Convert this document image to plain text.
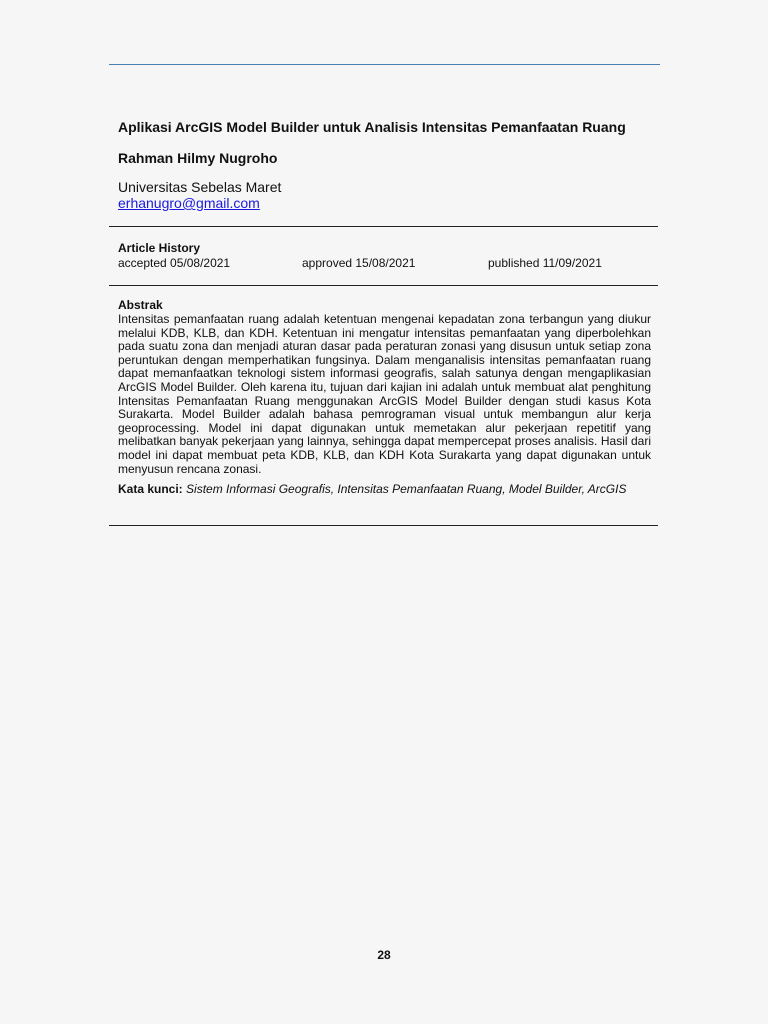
Aplikasi ArcGIS Model Builder untuk Analisis Intensitas Pemanfaatan Ruang
Rahman Hilmy Nugroho
Universitas Sebelas Maret
erhanugro@gmail.com
Article History
accepted 05/08/2021	approved 15/08/2021	published 11/09/2021
Abstrak
Intensitas pemanfaatan ruang adalah ketentuan mengenai kepadatan zona terbangun yang diukur melalui KDB, KLB, dan KDH. Ketentuan ini mengatur intensitas pemanfaatan yang diperbolehkan pada suatu zona dan menjadi aturan dasar pada peraturan zonasi yang disusun untuk setiap zona peruntukan dengan memperhatikan fungsinya. Dalam menganalisis intensitas pemanfaatan ruang dapat memanfaatkan teknologi sistem informasi geografis, salah satunya dengan mengaplikasian ArcGIS Model Builder. Oleh karena itu, tujuan dari kajian ini adalah untuk membuat alat penghitung Intensitas Pemanfaatan Ruang menggunakan ArcGIS Model Builder dengan studi kasus Kota Surakarta. Model Builder adalah bahasa pemrograman visual untuk membangun alur kerja geoprocessing. Model ini dapat digunakan untuk memetakan alur pekerjaan repetitif yang melibatkan banyak pekerjaan yang lainnya, sehingga dapat mempercepat proses analisis. Hasil dari model ini dapat membuat peta KDB, KLB, dan KDH Kota Surakarta yang dapat digunakan untuk menyusun rencana zonasi.
Kata kunci: Sistem Informasi Geografis, Intensitas Pemanfaatan Ruang, Model Builder, ArcGIS
28
